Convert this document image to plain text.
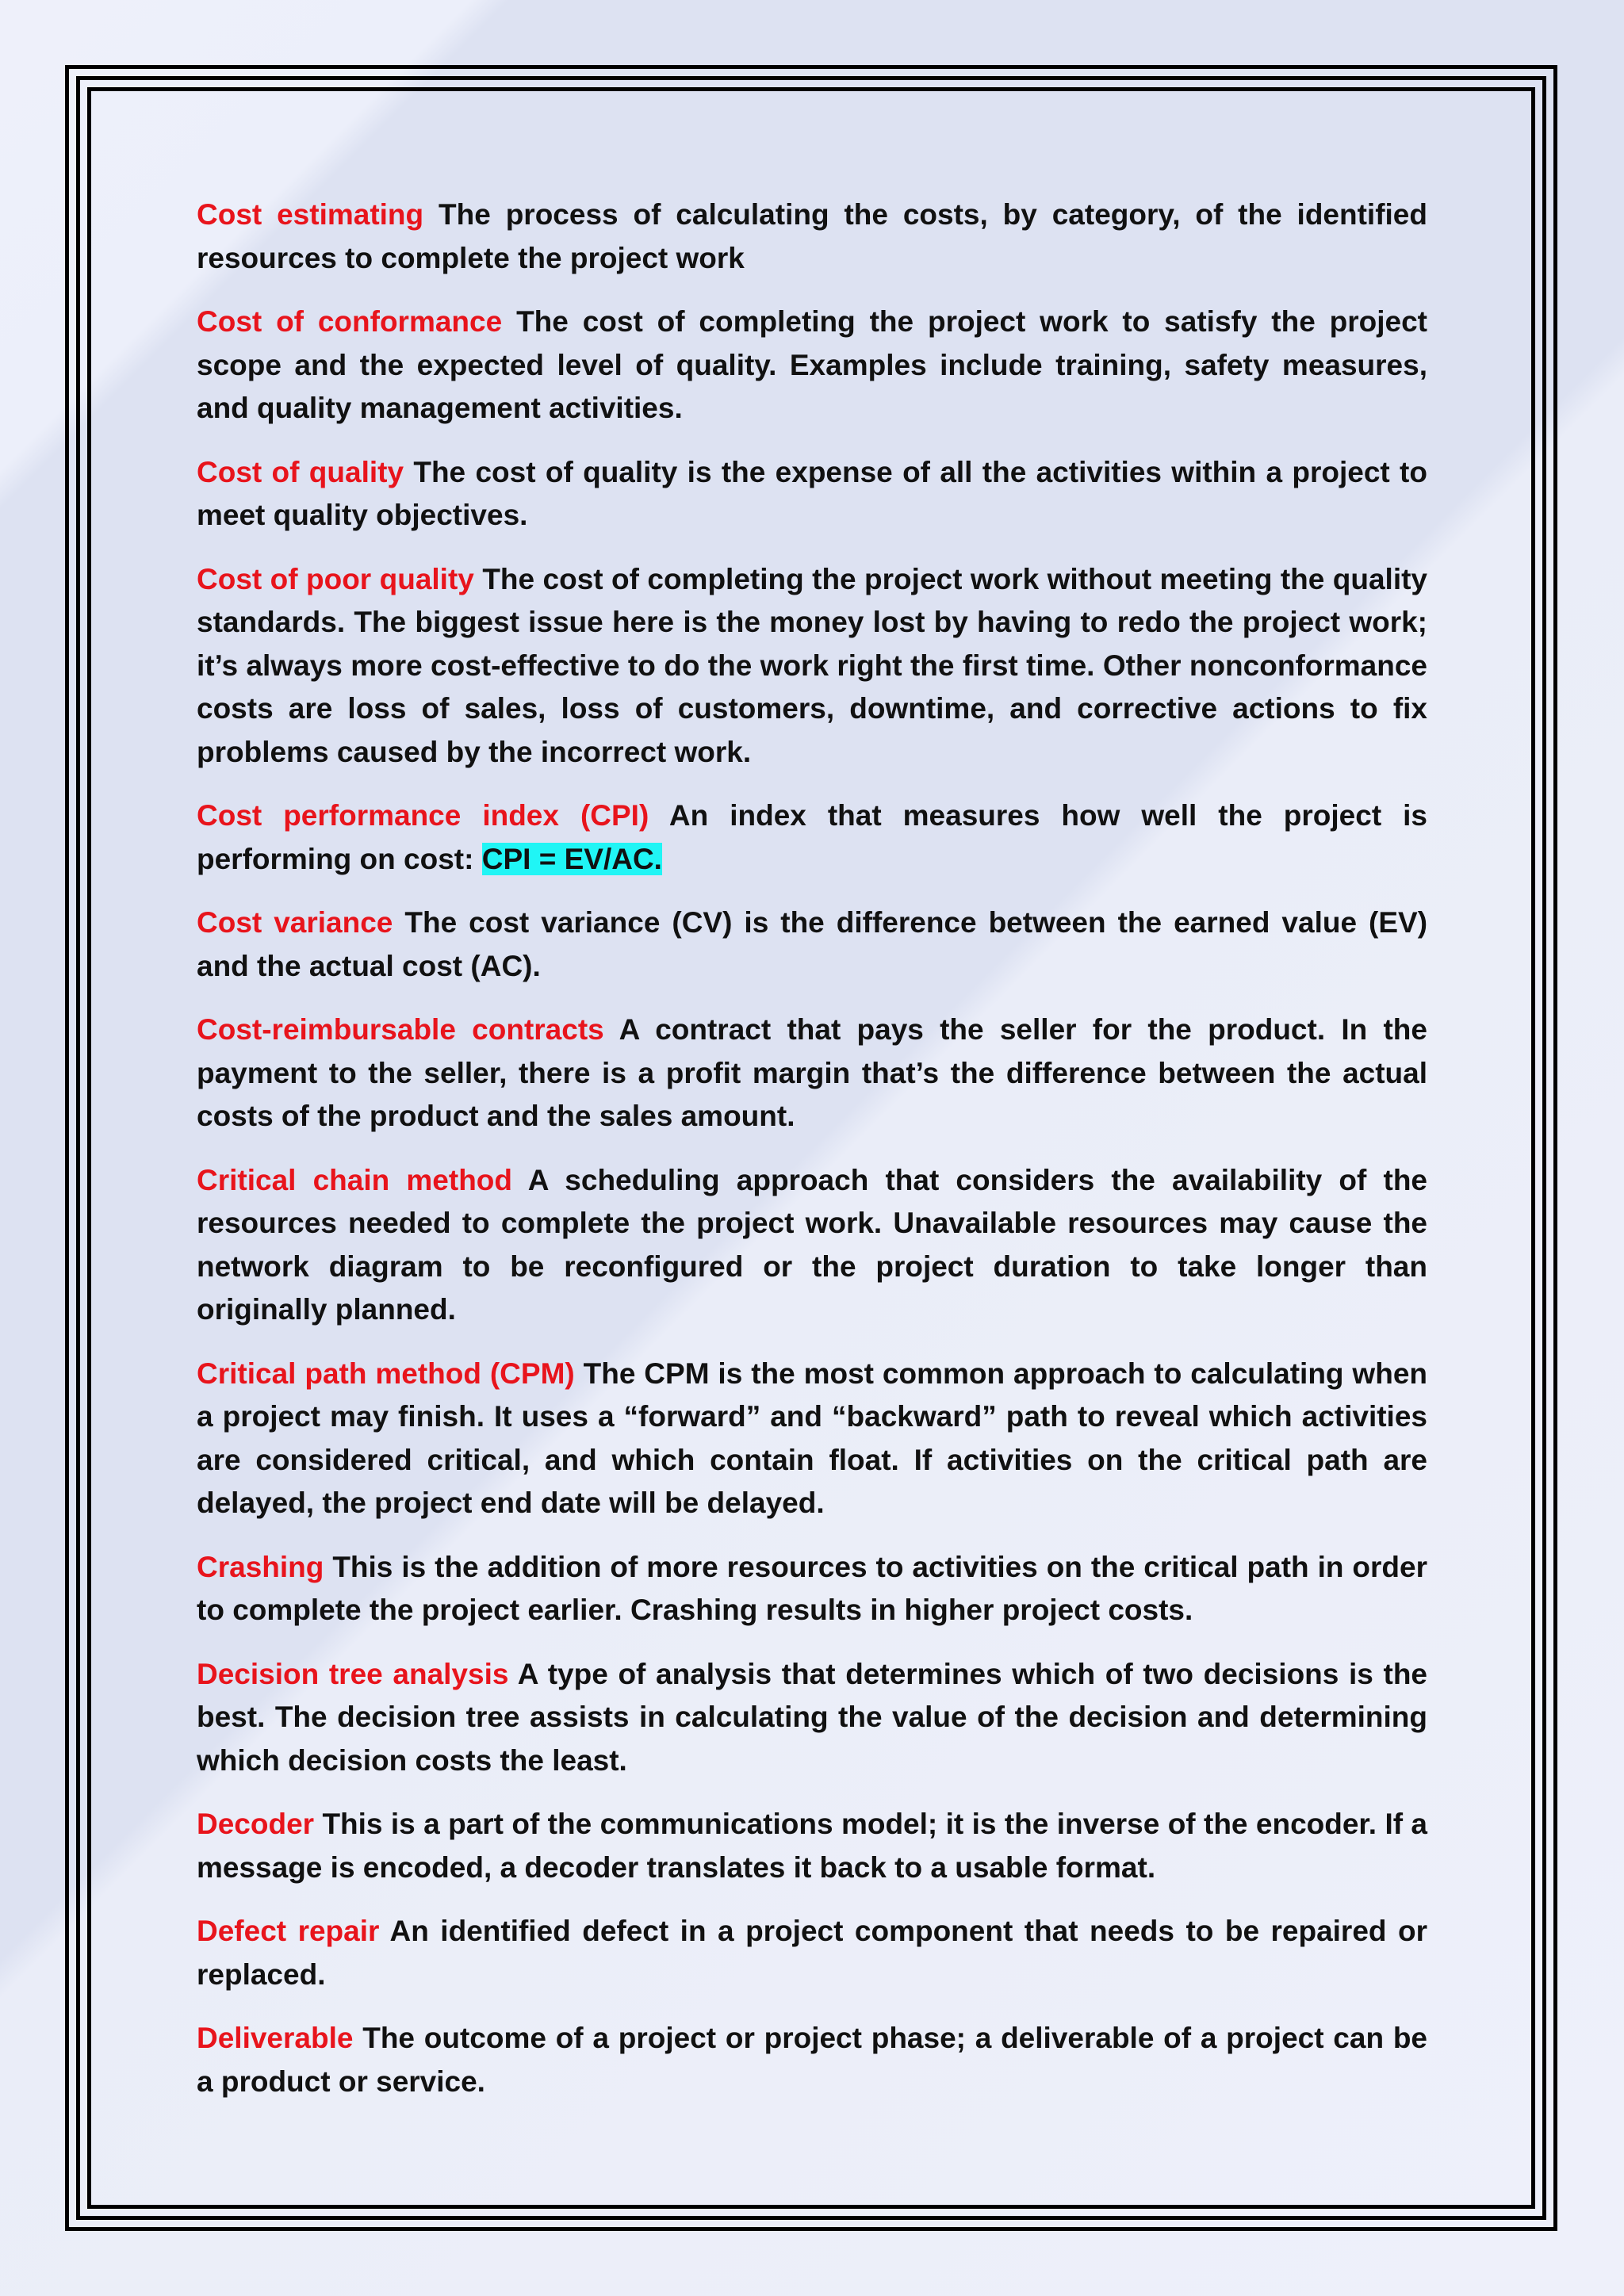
Cost estimating The process of calculating the costs, by category, of the identified resources to complete the project work

Cost of conformance The cost of completing the project work to satisfy the project scope and the expected level of quality. Examples include training, safety measures, and quality management activities.

Cost of quality The cost of quality is the expense of all the activities within a project to meet quality objectives.

Cost of poor quality The cost of completing the project work without meeting the quality standards. The biggest issue here is the money lost by having to redo the project work; it’s always more cost-effective to do the work right the first time. Other nonconformance costs are loss of sales, loss of customers, downtime, and corrective actions to fix problems caused by the incorrect work.

Cost performance index (CPI) An index that measures how well the project is performing on cost: CPI = EV/AC.

Cost variance The cost variance (CV) is the difference between the earned value (EV) and the actual cost (AC).

Cost-reimbursable contracts A contract that pays the seller for the product. In the payment to the seller, there is a profit margin that’s the difference between the actual costs of the product and the sales amount.

Critical chain method A scheduling approach that considers the availability of the resources needed to complete the project work. Unavailable resources may cause the network diagram to be reconfigured or the project duration to take longer than originally planned.

Critical path method (CPM) The CPM is the most common approach to calculating when a project may finish. It uses a “forward” and “backward” path to reveal which activities are considered critical, and which contain float. If activities on the critical path are delayed, the project end date will be delayed.

Crashing This is the addition of more resources to activities on the critical path in order to complete the project earlier. Crashing results in higher project costs.

Decision tree analysis A type of analysis that determines which of two decisions is the best. The decision tree assists in calculating the value of the decision and determining which decision costs the least.

Decoder This is a part of the communications model; it is the inverse of the encoder. If a message is encoded, a decoder translates it back to a usable format.

Defect repair An identified defect in a project component that needs to be repaired or replaced.

Deliverable The outcome of a project or project phase; a deliverable of a project can be a product or service.
